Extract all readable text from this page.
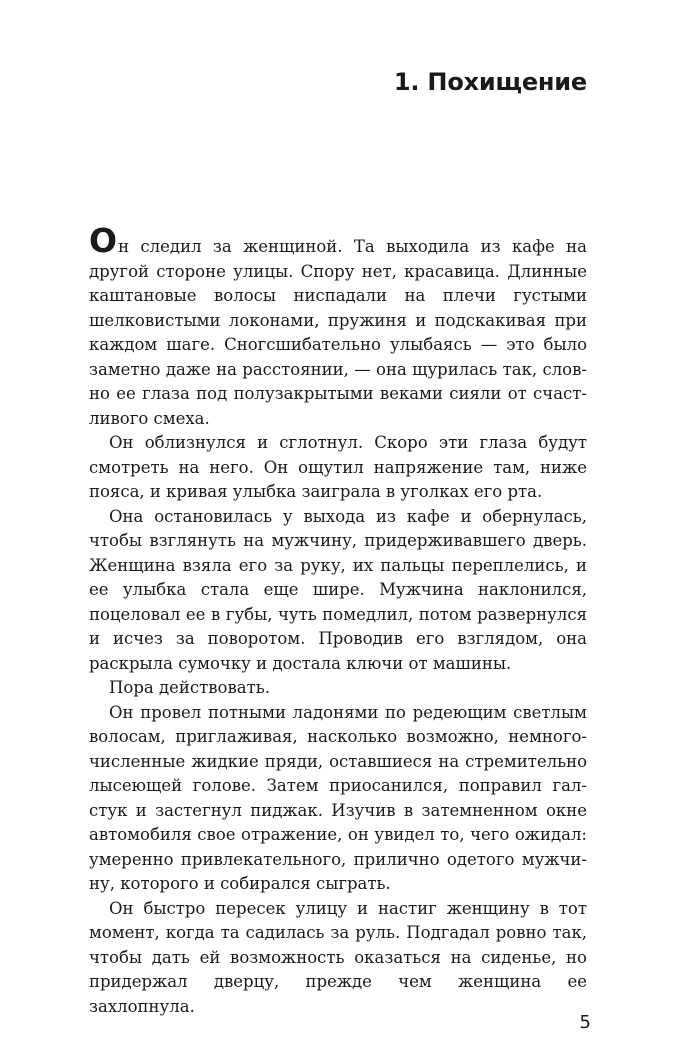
1. Похищение

Он следил за женщиной. Та выходила из кафе на другой стороне улицы. Спору нет, красавица. Длинные каштановые волосы ниспадали на плечи густыми шелковистыми локонами, пружиня и подскакивая при каждом шаге. Сногсшибательно улыбаясь — это было заметно даже на расстоянии, — она щурилась так, словно ее глаза под полузакрытыми веками сияли от счастливого смеха.

Он облизнулся и сглотнул. Скоро эти глаза будут смотреть на него. Он ощутил напряжение там, ниже пояса, и кривая улыбка заиграла в уголках его рта.

Она остановилась у выхода из кафе и обернулась, чтобы взглянуть на мужчину, придерживавшего дверь. Женщина взяла его за руку, их пальцы переплелись, и ее улыбка стала еще шире. Мужчина наклонился, поцеловал ее в губы, чуть помедлил, потом развернулся и исчез за поворотом. Проводив его взглядом, она раскрыла сумочку и достала ключи от машины.

Пора действовать.

Он провел потными ладонями по редеющим светлым волосам, приглаживая, насколько возможно, немногочисленные жидкие пряди, оставшиеся на стремительно лысеющей голове. Затем приосанился, поправил галстук и застегнул пиджак. Изучив в затемненном окне автомобиля свое отражение, он увидел то, чего ожидал: умеренно привлекательного, прилично одетого мужчину, которого и собирался сыграть.

Он быстро пересек улицу и настиг женщину в тот момент, когда та садилась за руль. Подгадал ровно так, чтобы дать ей возможность оказаться на сиденье, но придержал дверцу, прежде чем женщина ее захлопнула.

5
